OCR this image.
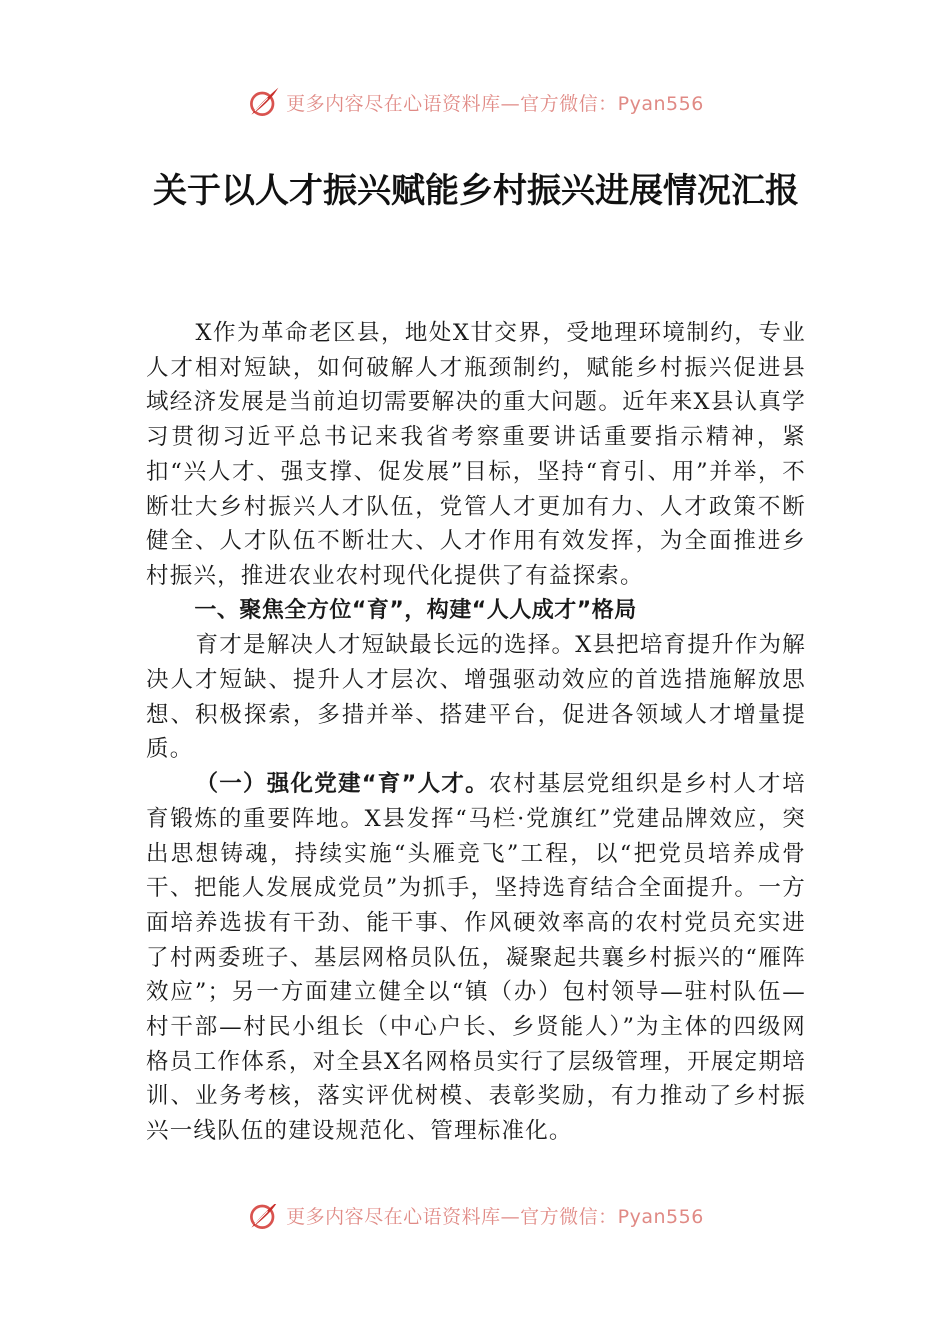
更多内容尽在心语资料库—官方微信：Pyan556
关于以人才振兴赋能乡村振兴进展情况汇报

X作为革命老区县，地处X甘交界，受地理环境制约，专业人才相对短缺，如何破解人才瓶颈制约，赋能乡村振兴促进县域经济发展是当前迫切需要解决的重大问题。近年来X县认真学习贯彻习近平总书记来我省考察重要讲话重要指示精神，紧扣“兴人才、强支撑、促发展”目标，坚持“育引、用”并举，不断壮大乡村振兴人才队伍，党管人才更加有力、人才政策不断健全、人才队伍不断壮大、人才作用有效发挥，为全面推进乡村振兴，推进农业农村现代化提供了有益探索。

一、聚焦全方位“育”，构建“人人成才”格局

育才是解决人才短缺最长远的选择。X县把培育提升作为解决人才短缺、提升人才层次、增强驱动效应的首选措施解放思想、积极探索，多措并举、搭建平台，促进各领域人才增量提质。

（一）强化党建“育”人才。农村基层党组织是乡村人才培育锻炼的重要阵地。X县发挥“马栏·党旗红”党建品牌效应，突出思想铸魂，持续实施“头雁竞飞”工程，以“把党员培养成骨干、把能人发展成党员”为抓手，坚持选育结合全面提升。一方面培养选拔有干劲、能干事、作风硬效率高的农村党员充实进了村两委班子、基层网格员队伍，凝聚起共襄乡村振兴的“雁阵效应”；另一方面建立健全以“镇（办）包村领导—驻村队伍—村干部—村民小组长（中心户长、乡贤能人）”为主体的四级网格员工作体系，对全县X名网格员实行了层级管理，开展定期培训、业务考核，落实评优树模、表彰奖励，有力推动了乡村振兴一线队伍的建设规范化、管理标准化。

更多内容尽在心语资料库—官方微信：Pyan556
